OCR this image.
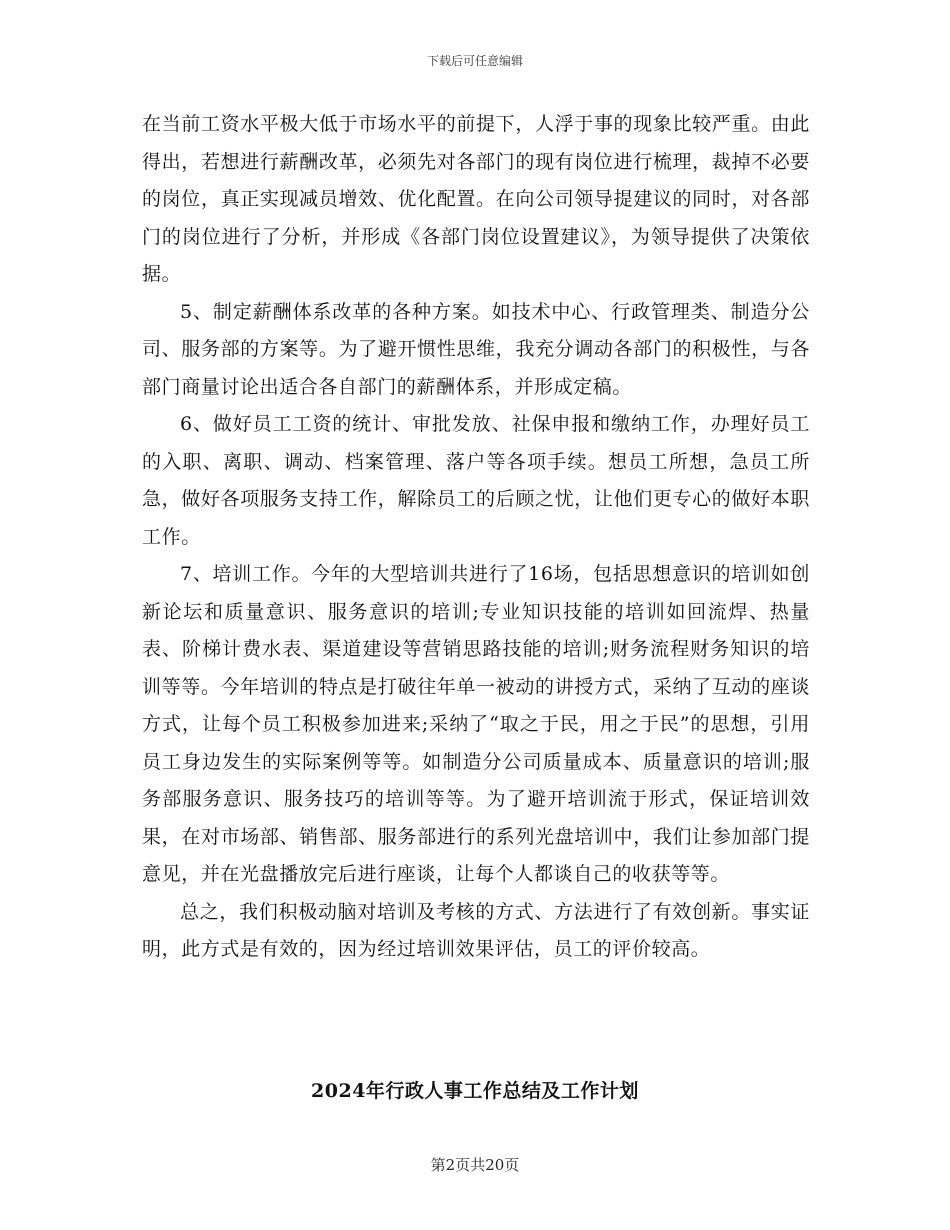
下载后可任意编辑

在当前工资水平极大低于市场水平的前提下，人浮于事的现象比较严重。由此得出，若想进行薪酬改革，必须先对各部门的现有岗位进行梳理，裁掉不必要的岗位，真正实现减员增效、优化配置。在向公司领导提建议的同时，对各部门的岗位进行了分析，并形成《各部门岗位设置建议》，为领导提供了决策依据。

5、制定薪酬体系改革的各种方案。如技术中心、行政管理类、制造分公司、服务部的方案等。为了避开惯性思维，我充分调动各部门的积极性，与各部门商量讨论出适合各自部门的薪酬体系，并形成定稿。

6、做好员工工资的统计、审批发放、社保申报和缴纳工作，办理好员工的入职、离职、调动、档案管理、落户等各项手续。想员工所想，急员工所急，做好各项服务支持工作，解除员工的后顾之忧，让他们更专心的做好本职工作。

7、培训工作。今年的大型培训共进行了16场，包括思想意识的培训如创新论坛和质量意识、服务意识的培训;专业知识技能的培训如回流焊、热量表、阶梯计费水表、渠道建设等营销思路技能的培训;财务流程财务知识的培训等等。今年培训的特点是打破往年单一被动的讲授方式，采纳了互动的座谈方式，让每个员工积极参加进来;采纳了“取之于民，用之于民”的思想，引用员工身边发生的实际案例等等。如制造分公司质量成本、质量意识的培训;服务部服务意识、服务技巧的培训等等。为了避开培训流于形式，保证培训效果，在对市场部、销售部、服务部进行的系列光盘培训中，我们让参加部门提意见，并在光盘播放完后进行座谈，让每个人都谈自己的收获等等。

总之，我们积极动脑对培训及考核的方式、方法进行了有效创新。事实证明，此方式是有效的，因为经过培训效果评估，员工的评价较高。

2024年行政人事工作总结及工作计划
第2页共20页
